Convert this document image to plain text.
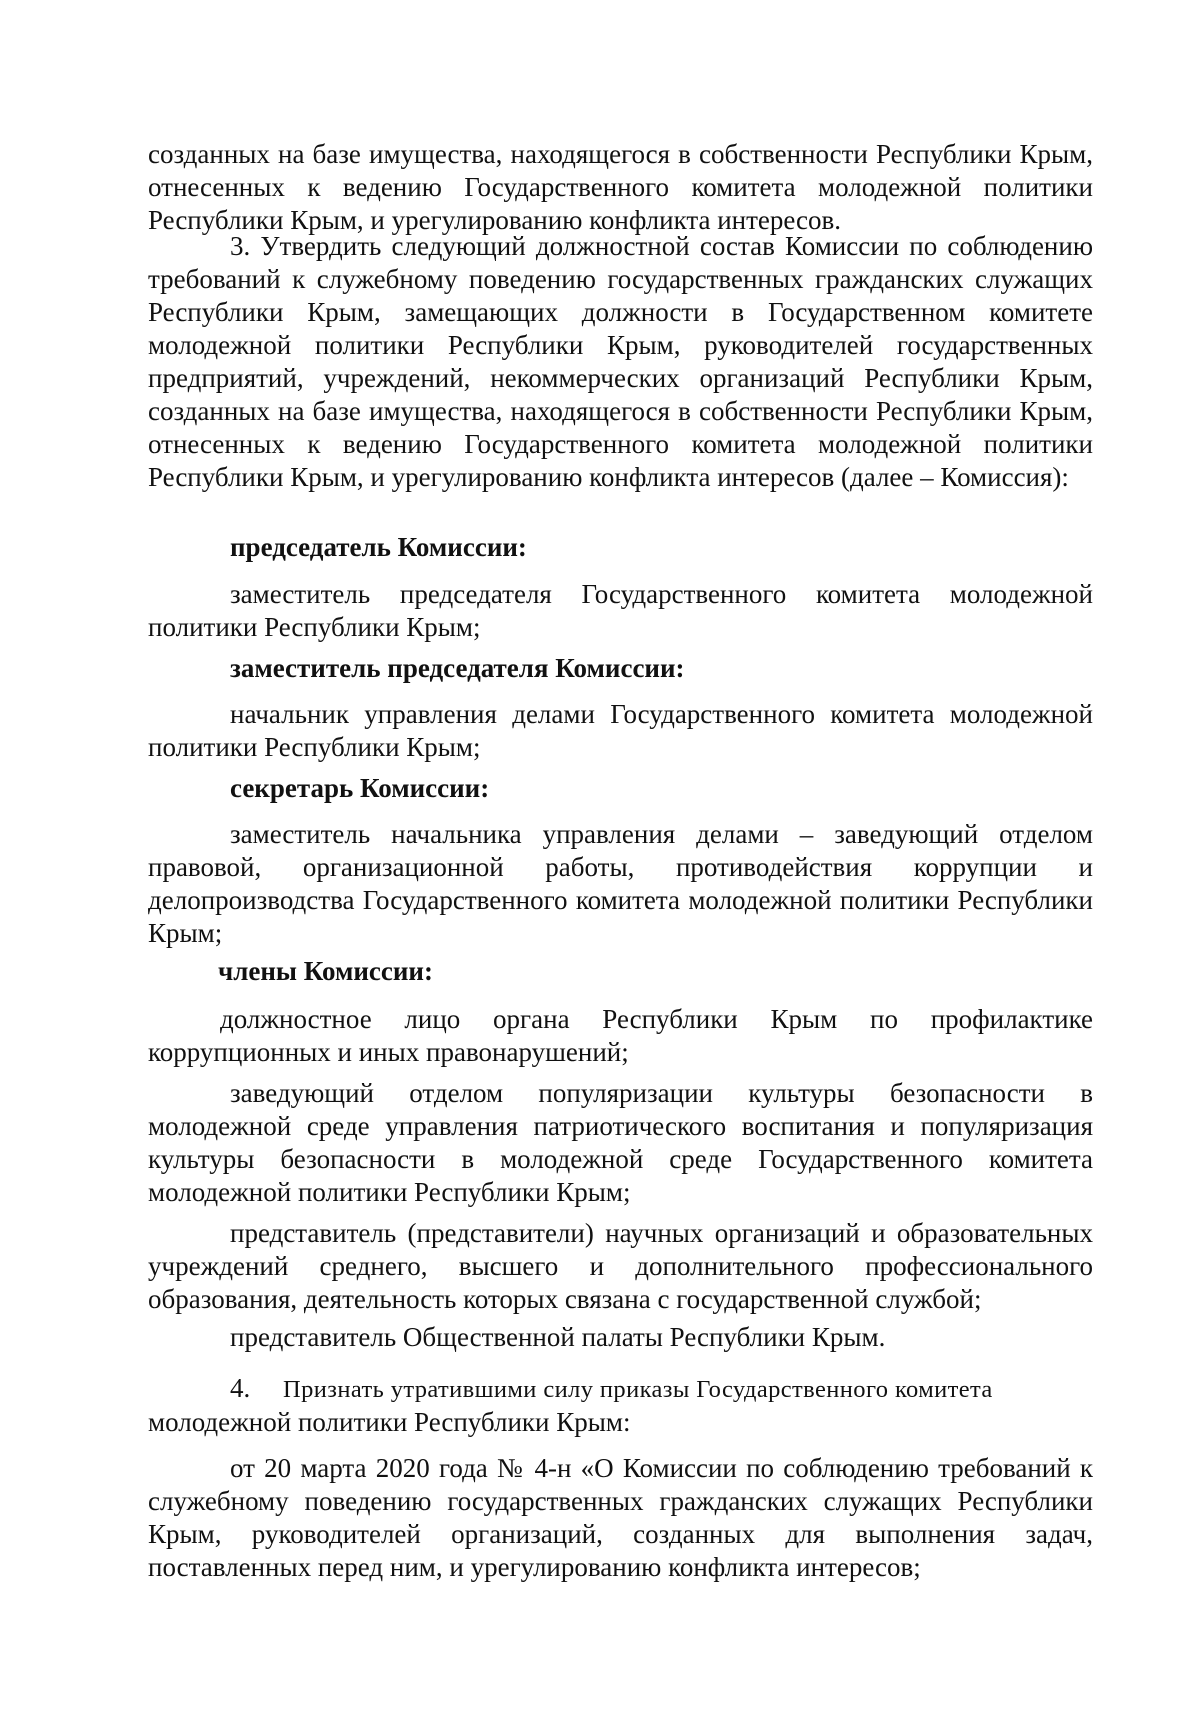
созданных на базе имущества, находящегося в собственности Республики Крым, отнесенных к ведению Государственного комитета молодежной политики Республики Крым, и урегулированию конфликта интересов.

3. Утвердить следующий должностной состав Комиссии по соблюдению требований к служебному поведению государственных гражданских служащих Республики Крым, замещающих должности в Государственном комитете молодежной политики Республики Крым, руководителей государственных предприятий, учреждений, некоммерческих организаций Республики Крым, созданных на базе имущества, находящегося в собственности Республики Крым, отнесенных к ведению Государственного комитета молодежной политики Республики Крым, и урегулированию конфликта интересов (далее – Комиссия):

председатель Комиссии:

заместитель председателя Государственного комитета молодежной политики Республики Крым;

заместитель председателя Комиссии:

начальник управления делами Государственного комитета молодежной политики Республики Крым;

секретарь Комиссии:

заместитель начальника управления делами – заведующий отделом правовой, организационной работы, противодействия коррупции и делопроизводства Государственного комитета молодежной политики Республики Крым;

члены Комиссии:

должностное лицо органа Республики Крым по профилактике коррупционных и иных правонарушений;

заведующий отделом популяризации культуры безопасности в молодежной среде управления патриотического воспитания и популяризация культуры безопасности в молодежной среде Государственного комитета молодежной политики Республики Крым;

представитель (представители) научных организаций и образовательных учреждений среднего, высшего и дополнительного профессионального образования, деятельность которых связана с государственной службой;

представитель Общественной палаты Республики Крым.

4. Признать утратившими силу приказы Государственного комитета
молодежной политики Республики Крым:

от 20 марта 2020 года № 4-н «О Комиссии по соблюдению требований к служебному поведению государственных гражданских служащих Республики Крым, руководителей организаций, созданных для выполнения задач, поставленных перед ним, и урегулированию конфликта интересов;
